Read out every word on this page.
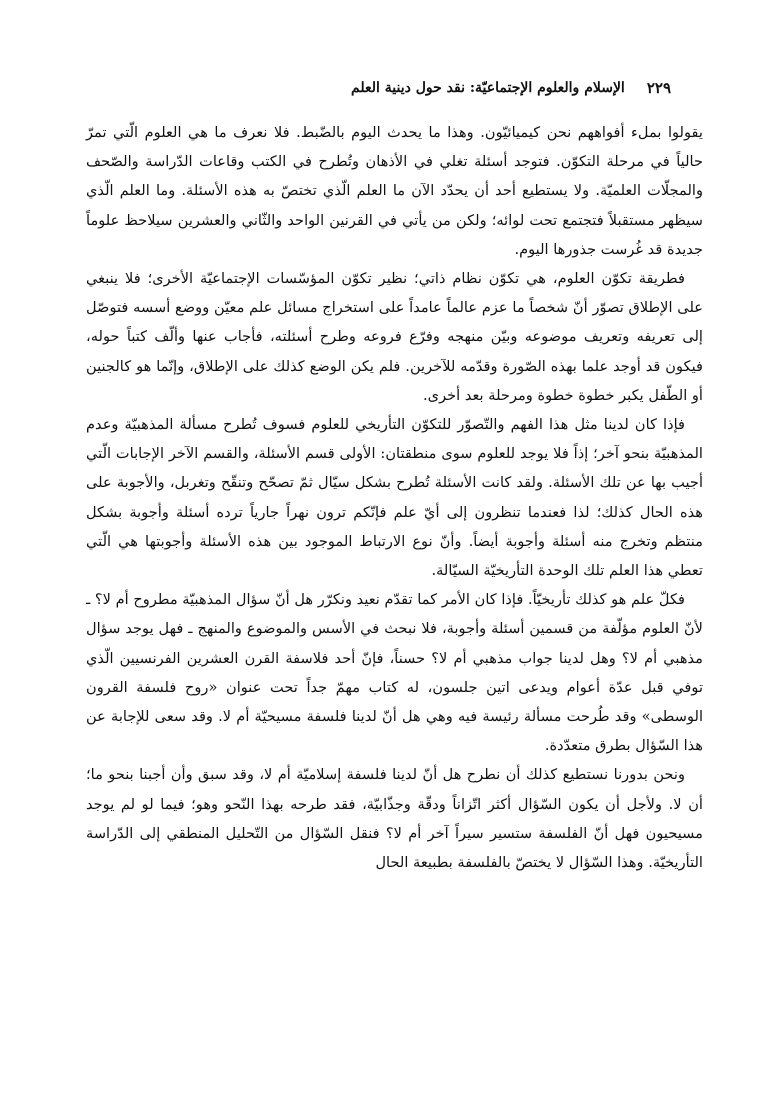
٢٢٩
الإسلام والعلوم الإجتماعيّة: نقد حول دينية العلم

يقولوا بملء أفواههم نحن كيميائيّون. وهذا ما يحدث اليوم بالضّبط. فلا نعرف ما هي العلوم الّتي تمرّ حالياً في مرحلة التكوّن. فتوجد أسئلة تغلي في الأذهان وتُطرح في الكتب وقاعات الدّراسة والصّحف والمجلّات العلميّة. ولا يستطيع أحد أن يحدّد الآن ما العلم الّذي تختصّ به هذه الأسئلة. وما العلم الّذي سيظهر مستقبلاً فتجتمع تحت لوائه؛ ولكن من يأتي في القرنين الواحد والثّاني والعشرين سيلاحظ علوماً جديدة قد غُرست جذورها اليوم.

فطريقة تكوّن العلوم، هي تكوّن نظام ذاتي؛ نظير تكوّن المؤسّسات الإجتماعيّة الأخرى؛ فلا ينبغي على الإطلاق تصوّر أنّ شخصاً ما عزم عالماً عامداً على استخراج مسائل علم معيّن ووضع أسسه فتوصّل إلى تعريفه وتعريف موضوعه وبيّن منهجه وفرّع فروعه وطرح أسئلته، فأجاب عنها وألّف كتباً حوله، فيكون قد أوجد علما بهذه الصّورة وقدّمه للآخرين. فلم يكن الوضع كذلك على الإطلاق، وإنّما هو كالجنين أو الطّفل يكبر خطوة خطوة ومرحلة بعد أخرى.

فإذا كان لدينا مثل هذا الفهم والتّصوّر للتكوّن التأريخي للعلوم فسوف تُطرح مسألة المذهبيّة وعدم المذهبيّة بنحو آخر؛ إذاً فلا يوجد للعلوم سوى منطقتان: الأولى قسم الأسئلة، والقسم الآخر الإجابات الّتي أجيب بها عن تلك الأسئلة. ولقد كانت الأسئلة تُطرح بشكل سيّال ثمّ تصحّح وتنقّح وتغربل، والأجوبة على هذه الحال كذلك؛ لذا فعندما تنظرون إلى أيّ علم فإنّكم ترون نهراً جارياً ترده أسئلة وأجوبة بشكل منتظم وتخرج منه أسئلة وأجوبة أيضاً. وأنّ نوع الارتباط الموجود بين هذه الأسئلة وأجوبتها هي الّتي تعطي هذا العلم تلك الوحدة التأريخيّة السيّالة.

فكلّ علم هو كذلك تأريخيّاً. فإذا كان الأمر كما تقدّم نعيد ونكرّر هل أنّ سؤال المذهبيّة مطروح أم لا؟ ـ لأنّ العلوم مؤلّفة من قسمين أسئلة وأجوبة، فلا نبحث في الأسس والموضوع والمنهج ـ فهل يوجد سؤال مذهبي أم لا؟ وهل لدينا جواب مذهبي أم لا؟ حسناً، فإنّ أحد فلاسفة القرن العشرين الفرنسيين الّذي توفي قبل عدّة أعوام ويدعى اتين جلسون، له كتاب مهمّ جداً تحت عنوان «روح فلسفة القرون الوسطى» وقد طُرحت مسألة رئيسة فيه وهي هل أنّ لدينا فلسفة مسيحيّة أم لا. وقد سعى للإجابة عن هذا السّؤال بطرق متعدّدة.

ونحن بدورنا نستطيع كذلك أن نطرح هل أنّ لدينا فلسفة إسلاميّة أم لا، وقد سبق وأن أجبنا بنحو ما؛ أن لا. ولأجل أن يكون السّؤال أكثر اتّزاناً ودقّة وجذّابيّة، فقد طرحه بهذا النّحو وهو؛ فيما لو لم يوجد مسيحيون فهل أنّ الفلسفة ستسير سيراً آخر أم لا؟ فنقل السّؤال من التّحليل المنطقي إلى الدّراسة التأريخيّة. وهذا السّؤال لا يختصّ بالفلسفة بطبيعة الحال
